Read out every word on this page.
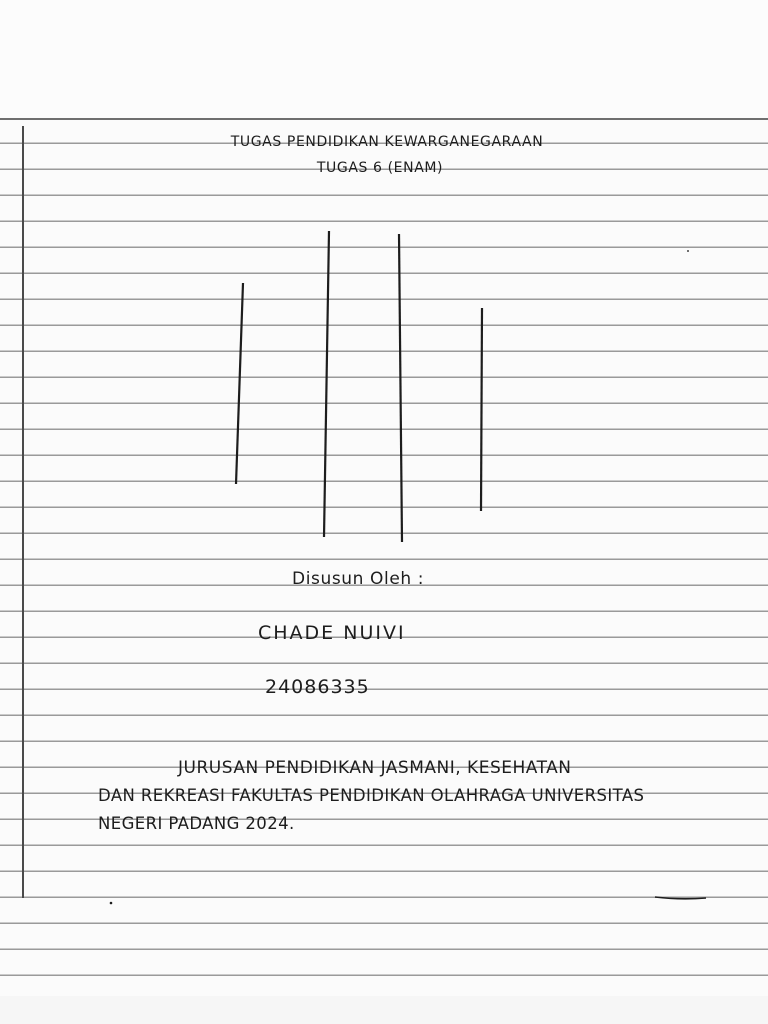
TUGAS PENDIDIKAN KEWARGANEGARAAN
TUGAS 6 (ENAM)
Disusun Oleh :
CHADE NUIVI
24086335
JURUSAN PENDIDIKAN JASMANI, KESEHATAN
DAN REKREASI FAKULTAS PENDIDIKAN OLAHRAGA UNIVERSITAS
NEGERI PADANG 2024.
